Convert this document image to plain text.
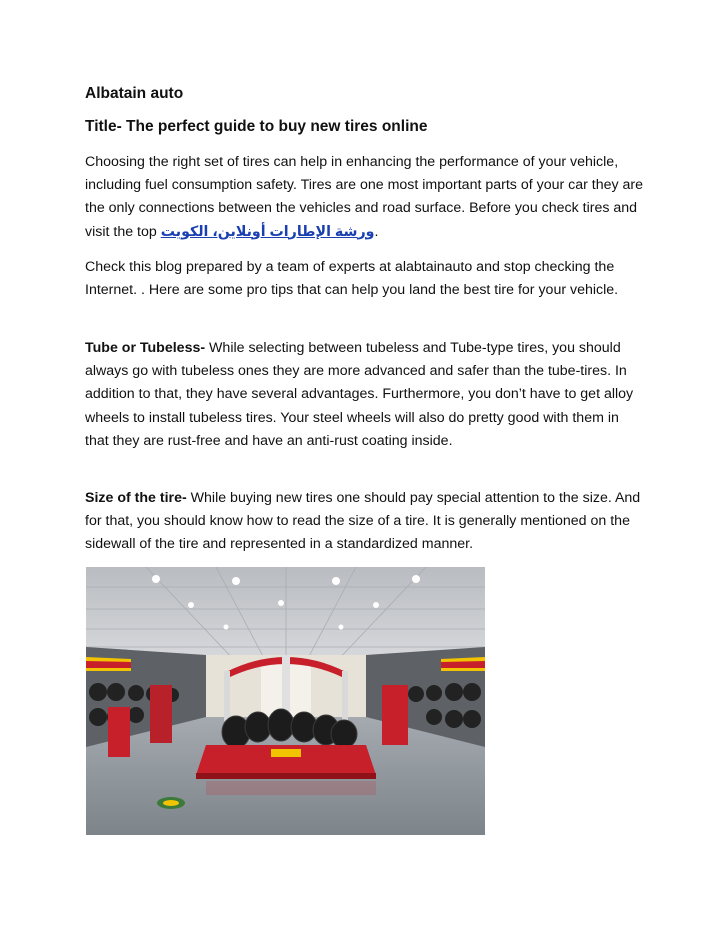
Albatain auto
Title- The perfect guide to buy new tires online

Choosing the right set of tires can help in enhancing the performance of your vehicle, including fuel consumption safety. Tires are one most important parts of your car they are the only connections between the vehicles and road surface. Before you check tires and visit the top ورشة الإطارات أونلاين، الكويت.

Check this blog prepared by a team of experts at alabtainauto and stop checking the Internet. . Here are some pro tips that can help you land the best tire for your vehicle.

Tube or Tubeless- While selecting between tubeless and Tube-type tires, you should always go with tubeless ones they are more advanced and safer than the tube-tires. In addition to that, they have several advantages. Furthermore, you don’t have to get alloy wheels to install tubeless tires. Your steel wheels will also do pretty good with them in that they are rust-free and have an anti-rust coating inside.

Size of the tire- While buying new tires one should pay special attention to the size. And for that, you should know how to read the size of a tire. It is generally mentioned on the sidewall of the tire and represented in a standardized manner.
